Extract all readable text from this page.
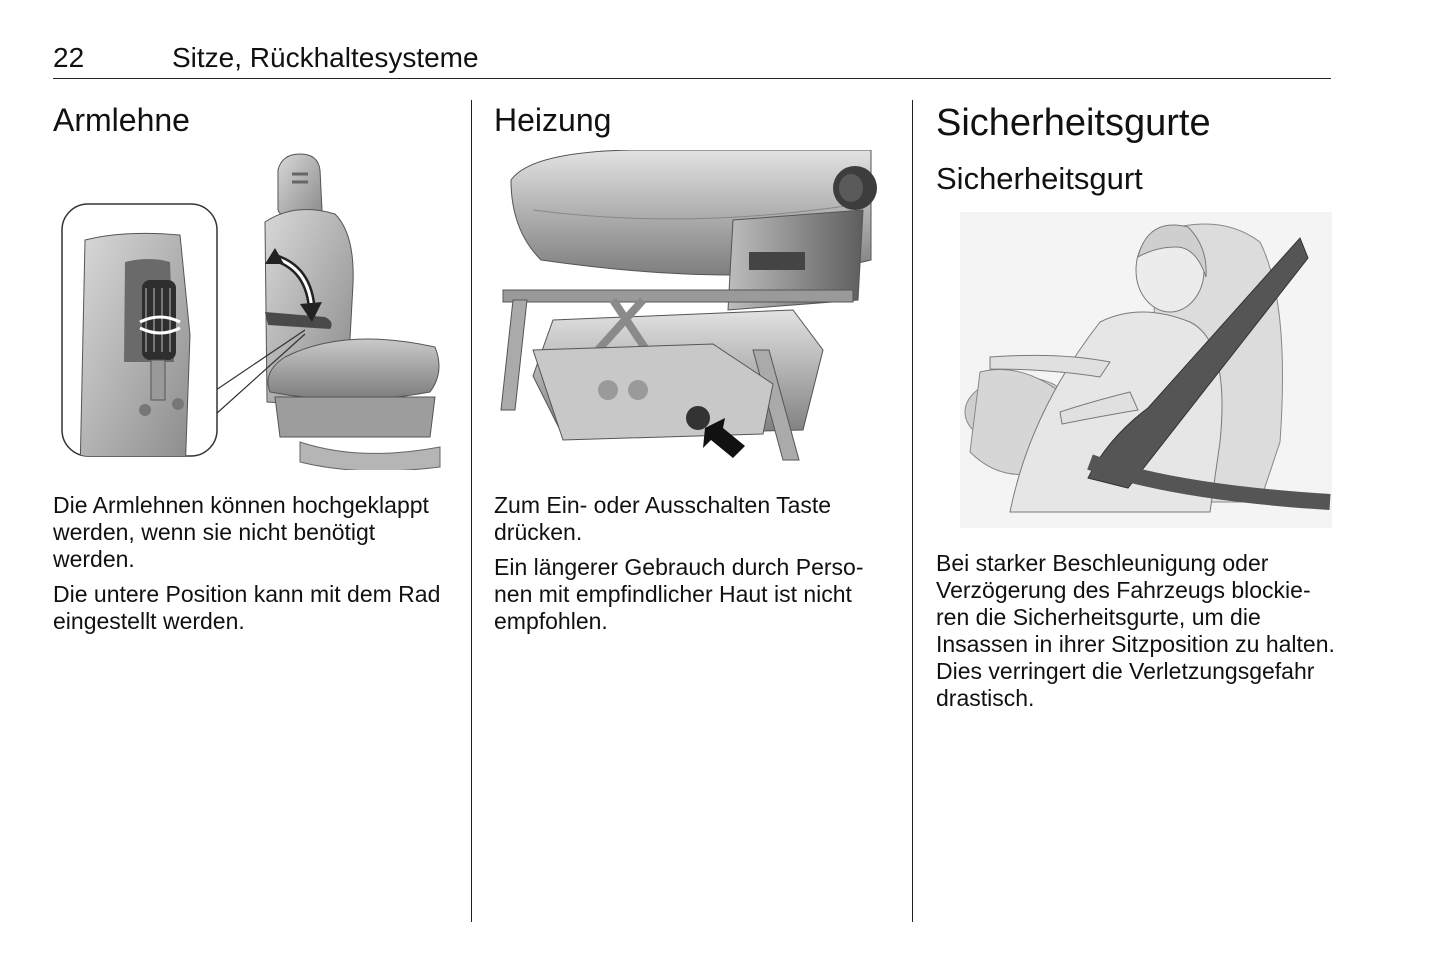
22	Sitze, Rückhaltesysteme
Armlehne

Die Armlehnen können hochgeklappt werden, wenn sie nicht benötigt werden.

Die untere Position kann mit dem Rad eingestellt werden.

Heizung

Zum Ein- oder Ausschalten Taste drücken.

Ein längerer Gebrauch durch Personen mit empfindlicher Haut ist nicht empfohlen.

Sicherheitsgurte
Sicherheitsgurt

Bei starker Beschleunigung oder Verzögerung des Fahrzeugs blockieren die Sicherheitsgurte, um die Insassen in ihrer Sitzposition zu halten. Dies verringert die Verletzungsgefahr drastisch.
